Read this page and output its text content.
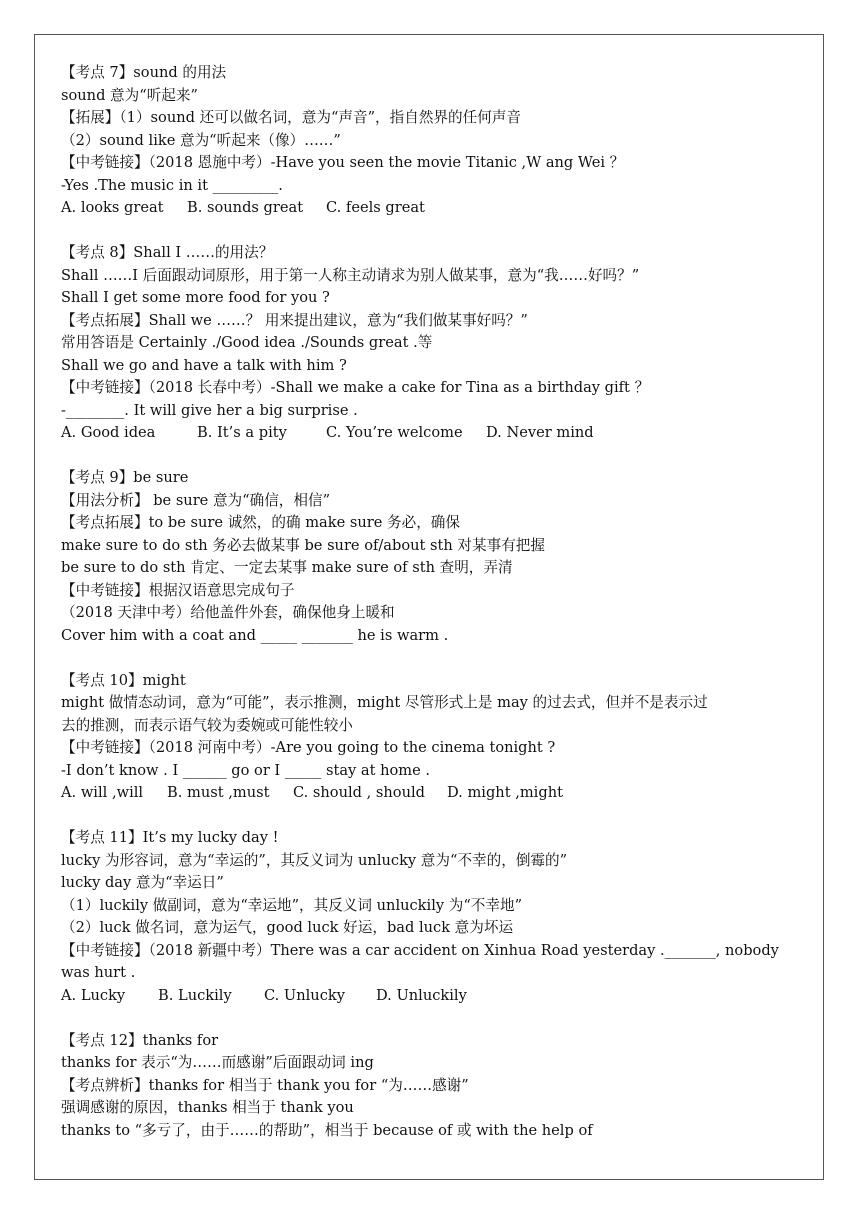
【考点 7】sound 的用法
sound 意为“听起来”
【拓展】（1）sound 还可以做名词，意为“声音”，指自然界的任何声音
（2）sound like 意为“听起来（像）……”
【中考链接】（2018 恩施中考）-Have you seen the movie Titanic ,W ang Wei ？
-Yes .The music in it _________.
A. looks great	B. sounds great	C. feels great
【考点 8】Shall I ……的用法？
Shall ……I 后面跟动词原形，用于第一人称主动请求为别人做某事，意为“我……好吗？”
Shall I get some more food for you ?
【考点拓展】Shall we ……？ 用来提出建议，意为“我们做某事好吗？”
常用答语是 Certainly ./Good idea ./Sounds great .等
Shall we go and have a talk with him ?
【中考链接】（2018 长春中考）-Shall we make a cake for Tina as a birthday gift ？
-________. It will give her a big surprise .
A. Good idea	B. It’s a pity	C. You’re welcome	D. Never mind
【考点 9】be sure
【用法分析】 be sure 意为“确信，相信”
【考点拓展】to be sure 诚然，的确 make sure 务必，确保
make sure to do sth 务必去做某事 be sure of/about sth 对某事有把握
be sure to do sth 肯定、一定去某事 make sure of sth 查明，弄清
【中考链接】根据汉语意思完成句子
（2018 天津中考）给他盖件外套，确保他身上暖和
Cover him with a coat and _____ _______ he is warm .
【考点 10】might
might 做情态动词，意为“可能”，表示推测，might 尽管形式上是 may 的过去式，但并不是表示过
去的推测，而表示语气较为委婉或可能性较小
【中考链接】（2018 河南中考）-Are you going to the cinema tonight ?
-I don’t know . I ______ go or I _____ stay at home .
A. will ,will	B. must ,must	C. should , should	D. might ,might
【考点 11】It’s my lucky day !
lucky 为形容词，意为“幸运的”，其反义词为 unlucky 意为“不幸的，倒霉的”
lucky day 意为“幸运日”
（1）luckily 做副词，意为“幸运地”，其反义词 unluckily 为“不幸地”
（2）luck 做名词，意为运气，good luck 好运，bad luck 意为坏运
【中考链接】（2018 新疆中考）There was a car accident on Xinhua Road yesterday ._______, nobody
was hurt .
A. Lucky	B. Luckily	C. Unlucky	D. Unluckily
【考点 12】thanks for
thanks for 表示“为……而感谢”后面跟动词 ing
【考点辨析】thanks for 相当于 thank you for “为……感谢”
强调感谢的原因，thanks 相当于 thank you
thanks to “多亏了，由于……的帮助”，相当于 because of 或 with the help of
